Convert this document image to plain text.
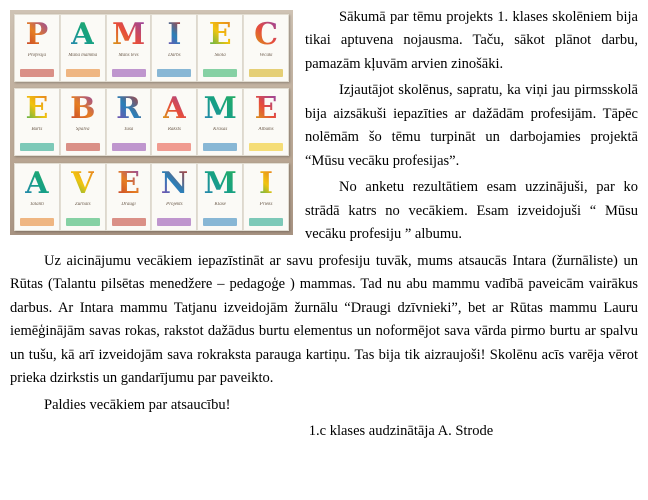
P
Profesija
A
Mana mamma
M
Mans tēvs
I
Darbs
E
Skola
C
Vecāki
E
Burts
B
Spalva
R
Tuša
A
Raksts
M
Krāsas
E
Albums
A
Talanti
V
Žurnāls
E
Draugi
N
Projekts
M
Klase
I
Prieks

Sākumā par tēmu projekts 1. klases skolēniem bija tikai aptuvena nojausma. Taču, sākot plānot darbu, pamazām kļuvām arvien zinošāki.

Izjautājot skolēnus, sapratu, ka viņi jau pirmsskolā bija aizsākuši iepazīties ar dažādām profesijām. Tāpēc nolēmām šo tēmu turpināt un darbojamies projektā “Mūsu vecāku profesijas”.

No anketu rezultātiem esam uzzinājuši, par ko strādā katrs no vecākiem. Esam izveidojuši “ Mūsu vecāku profesiju ” albumu.

Uz aicinājumu vecākiem iepazīstināt ar savu profesiju tuvāk, mums atsaucās Intara (žurnāliste) un Rūtas (Talantu pilsētas menedžere – pedagoģe ) mammas. Tad nu abu mammu vadībā paveicām vairākus darbus. Ar Intara mammu Tatjanu izveidojām žurnālu “Draugi dzīvnieki”, bet ar Rūtas mammu Lauru iemēģinājām savas rokas, rakstot dažādus burtu elementus un noformējot sava vārda pirmo burtu ar spalvu un tušu, kā arī izveidojām sava rokraksta parauga kartiņu. Tas bija tik aizraujoši! Skolēnu acīs varēja vērot prieka dzirkstis un gandarījumu par paveikto.

Paldies vecākiem par atsaucību!

1.c klases audzinātāja A. Strode
